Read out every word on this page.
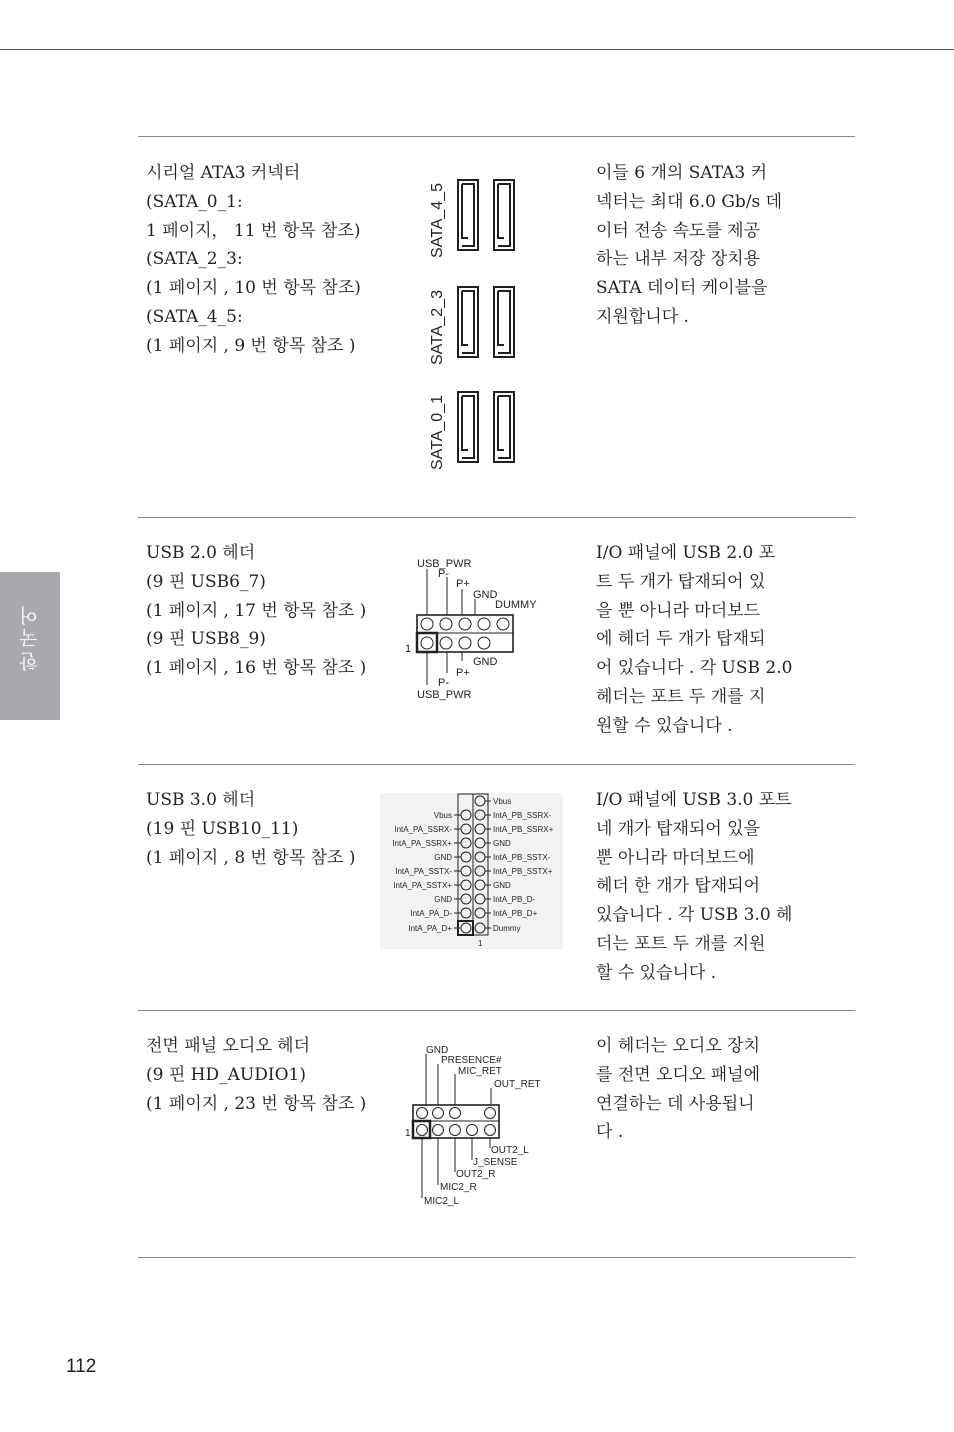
한국어
시리얼 ATA3 커넥터
(SATA_0_1:
1 페이지， 11 번 항목 참조)
(SATA_2_3:
(1 페이지 , 10 번 항목 참조)
(SATA_4_5:
(1 페이지 , 9 번 항목 참조 )
이들 6 개의 SATA3 커
넥터는 최대 6.0 Gb/s 데
이터 전송 속도를 제공
하는 내부 저장 장치용
SATA 데이터 케이블을
지원합니다 .
SATA_4_5
SATA_2_3
SATA_0_1
USB 2.0 헤더
(9 핀 USB6_7)
(1 페이지 , 17 번 항목 참조 )
(9 핀 USB8_9)
(1 페이지 , 16 번 항목 참조 )
I/O 패널에 USB 2.0 포
트 두 개가 탑재되어 있
을 뿐 아니라 마더보드
에 헤더 두 개가 탑재되
어 있습니다 . 각 USB 2.0
헤더는 포트 두 개를 지
원할 수 있습니다 .
USB_PWR
P-
P+
GND
DUMMY
1
P+
GND
P-
USB_PWR
USB 3.0 헤더
(19 핀 USB10_11)
(1 페이지 , 8 번 항목 참조 )
I/O 패널에 USB 3.0 포트
네 개가 탑재되어 있을
뿐 아니라 마더보드에
헤더 한 개가 탑재되어
있습니다 . 각 USB 3.0 헤
더는 포트 두 개를 지원
할 수 있습니다 .
Vbus
IntA_PA_SSRX-
IntA_PA_SSRX+
GND
IntA_PA_SSTX-
IntA_PA_SSTX+
GND
IntA_PA_D-
IntA_PA_D+
Vbus
IntA_PB_SSRX-
IntA_PB_SSRX+
GND
IntA_PB_SSTX-
IntA_PB_SSTX+
GND
IntA_PB_D-
IntA_PB_D+
Dummy
1
전면 패널 오디오 헤더
(9 핀 HD_AUDIO1)
(1 페이지 , 23 번 항목 참조 )
이 헤더는 오디오 장치
를 전면 오디오 패널에
연결하는 데 사용됩니
다 .
GND
PRESENCE#
MIC_RET
OUT_RET
1
OUT2_L
J_SENSE
OUT2_R
MIC2_R
MIC2_L
112
